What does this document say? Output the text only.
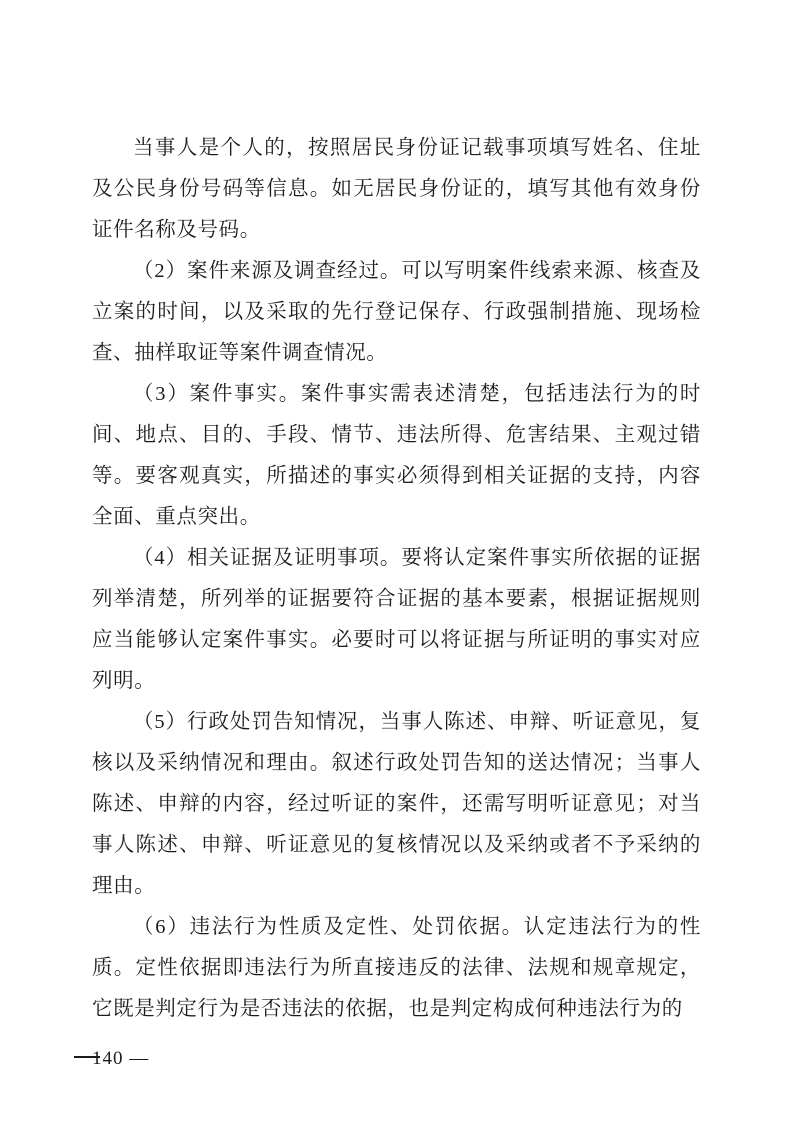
当事人是个人的，按照居民身份证记载事项填写姓名、住址及公民身份号码等信息。如无居民身份证的，填写其他有效身份证件名称及号码。

（2）案件来源及调查经过。可以写明案件线索来源、核查及立案的时间，以及采取的先行登记保存、行政强制措施、现场检查、抽样取证等案件调查情况。

（3）案件事实。案件事实需表述清楚，包括违法行为的时间、地点、目的、手段、情节、违法所得、危害结果、主观过错等。要客观真实，所描述的事实必须得到相关证据的支持，内容全面、重点突出。

（4）相关证据及证明事项。要将认定案件事实所依据的证据列举清楚，所列举的证据要符合证据的基本要素，根据证据规则应当能够认定案件事实。必要时可以将证据与所证明的事实对应列明。

（5）行政处罚告知情况，当事人陈述、申辩、听证意见，复核以及采纳情况和理由。叙述行政处罚告知的送达情况；当事人陈述、申辩的内容，经过听证的案件，还需写明听证意见；对当事人陈述、申辩、听证意见的复核情况以及采纳或者不予采纳的理由。

（6）违法行为性质及定性、处罚依据。认定违法行为的性质。定性依据即违法行为所直接违反的法律、法规和规章规定，它既是判定行为是否违法的依据，也是判定构成何种违法行为的

140 —
